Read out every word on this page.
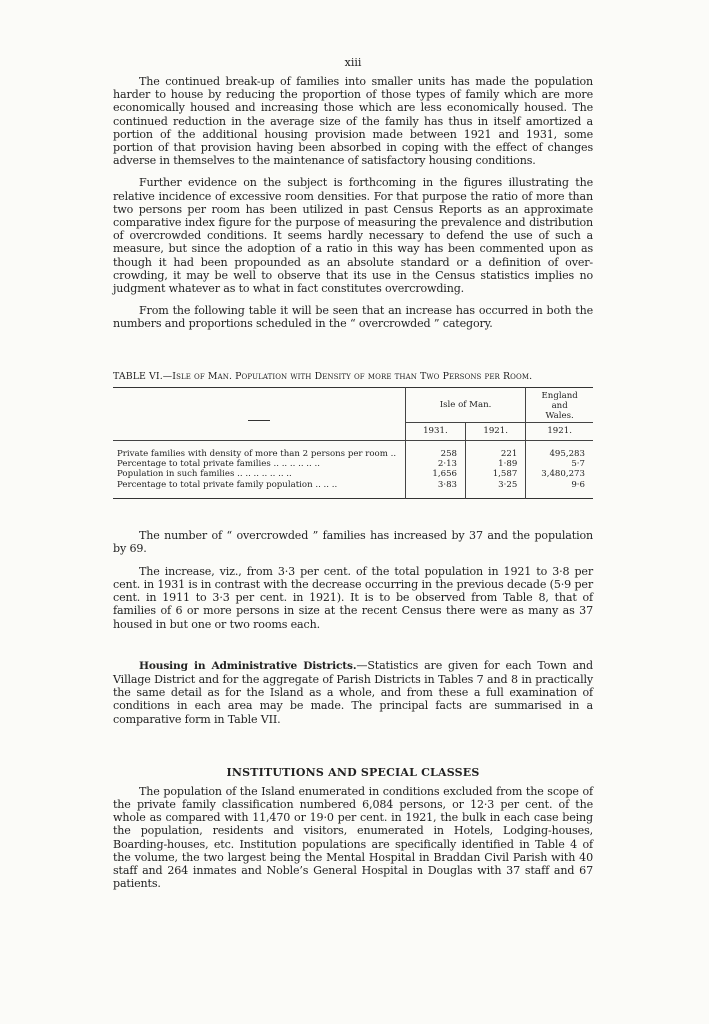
xiii

The continued break-up of families into smaller units has made the population harder to house by reducing the proportion of those types of family which are more economically housed and increasing those which are less economically housed. The continued reduction in the average size of the family has thus in itself amortized a portion of the additional housing provision made between 1921 and 1931, some portion of that provision having been absorbed in coping with the effect of changes adverse in themselves to the maintenance of satisfactory housing conditions.

Further evidence on the subject is forthcoming in the figures illustrating the relative incidence of excessive room densities. For that purpose the ratio of more than two persons per room has been utilized in past Census Reports as an approximate comparative index figure for the purpose of measuring the prevalence and distribution of overcrowded conditions. It seems hardly necessary to defend the use of such a measure, but since the adoption of a ratio in this way has been commented upon as though it had been propounded as an absolute standard or a definition of over-crowding, it may be well to observe that its use in the Census statistics implies no judgment whatever as to what in fact constitutes overcrowding.

From the following table it will be seen that an increase has occurred in both the numbers and proportions scheduled in the “ overcrowded ” category.

TABLE VI.—Isle of Man. Population with Density of more than Two Persons per Room.
	Isle of Man.		England
and
Wales.

	1931.	1921.	1921.
Private families with density of more than 2 persons per room ..	258	221	495,283
Percentage to total private families .. .. .. .. .. ..	2·13	1·89	5·7
Population in such families .. .. .. .. .. .. ..	1,656	1,587	3,480,273
Percentage to total private family population .. .. ..	3·83	3·25	9·6

The number of “ overcrowded ” families has increased by 37 and the population by 69.

The increase, viz., from 3·3 per cent. of the total population in 1921 to 3·8 per cent. in 1931 is in contrast with the decrease occurring in the previous decade (5·9 per cent. in 1911 to 3·3 per cent. in 1921). It is to be observed from Table 8, that of families of 6 or more persons in size at the recent Census there were as many as 37 housed in but one or two rooms each.

Housing in Administrative Districts.—Statistics are given for each Town and Village District and for the aggregate of Parish Districts in Tables 7 and 8 in practically the same detail as for the Island as a whole, and from these a full examination of conditions in each area may be made. The principal facts are summarised in a comparative form in Table VII.

INSTITUTIONS AND SPECIAL CLASSES

The population of the Island enumerated in conditions excluded from the scope of the private family classification numbered 6,084 persons, or 12·3 per cent. of the whole as compared with 11,470 or 19·0 per cent. in 1921, the bulk in each case being the population, residents and visitors, enumerated in Hotels, Lodging-houses, Boarding-houses, etc. Institution populations are specifically identified in Table 4 of the volume, the two largest being the Mental Hospital in Braddan Civil Parish with 40 staff and 264 inmates and Noble’s General Hospital in Douglas with 37 staff and 67 patients.
